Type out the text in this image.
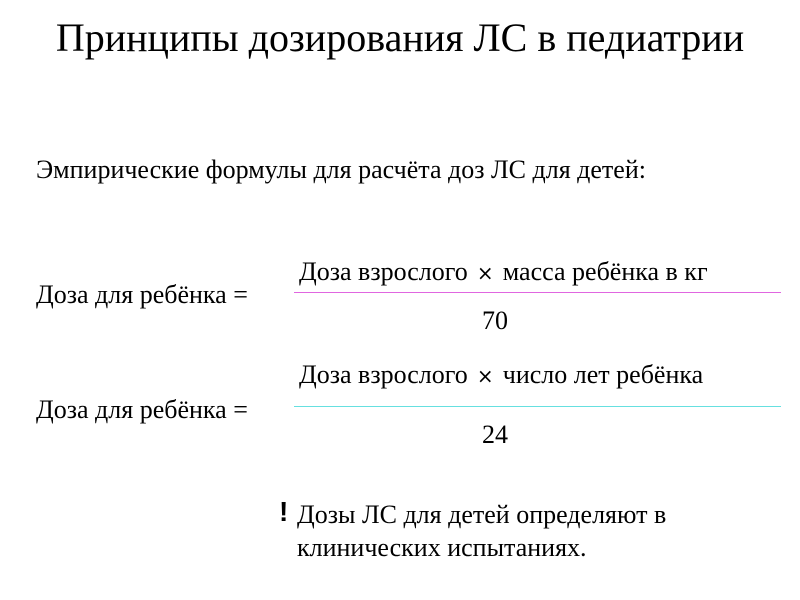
Принципы дозирования ЛС в педиатрии
Эмпирические формулы для расчёта доз ЛС для детей:
Доза взрослого × масса ребёнка в кг
Доза для ребёнка =
70
Доза взрослого × число лет ребёнка
Доза для ребёнка =
24
! Дозы ЛС для детей определяют в клинических испытаниях.
